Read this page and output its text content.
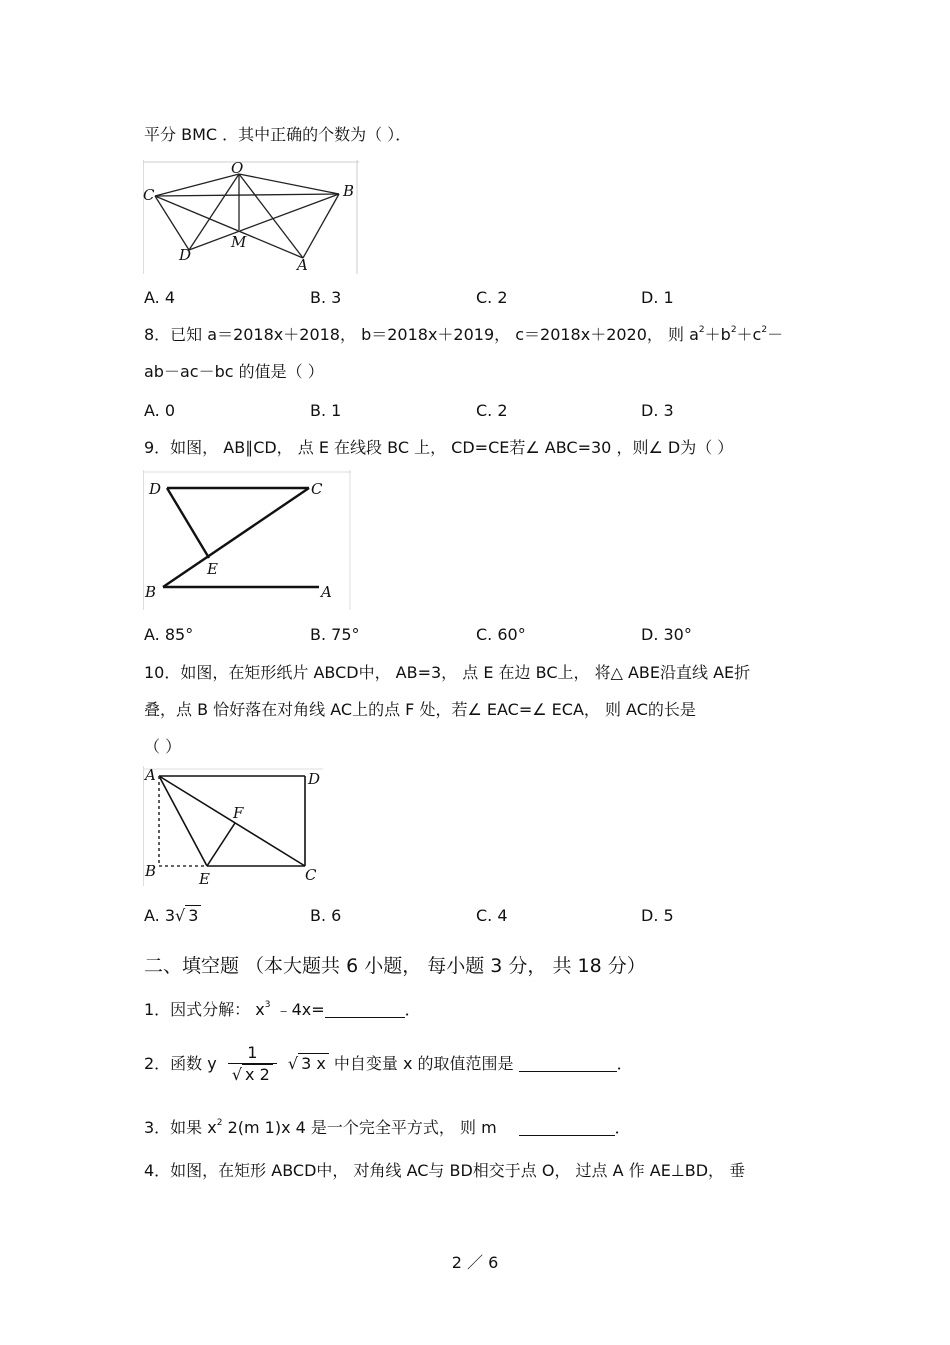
平分 BMC ．其中正确的个数为（ ）．
O
C	B
D
M
A
A. 4	B. 3	C. 2	D. 1
8．已知 a＝2018x＋2018， b＝2018x＋2019， c＝2018x＋2020， 则 $a^2+b^2+c^2-$
ab－ac－bc 的值是（ ）
A. 0	B. 1	C. 2	D. 3
9．如图， AB∥CD， 点 E 在线段 BC 上， CD=CE若∠ ABC=30 ，则∠ D为（ ）
D	C
E
B	A
A. 85°	B. 75°	C. 60°	D. 30°
10．如图，在矩形纸片 ABCD中， AB=3， 点 E 在边 BC上， 将△ ABE沿直线 AE折
叠，点 B 恰好落在对角线 AC上的点 F 处，若∠ EAC=∠ ECA， 则 AC的长是
（ ）
A	D
F
B	E	C
A. 3√ 3	B. 6	C. 4	D. 5
二、填空题 （本大题共 6 小题， 每小题 3 分， 共 18 分）
1．因式分解： $x^3$ ﹣4x=	．
2．函数 y $\frac{1}{√ x 2}$ √ 3 x 中自变量 x 的取值范围是	．
3．如果 $x^2$ 2(m 1)x 4 是一个完全平方式， 则 m	．
4．如图，在矩形 ABCD中， 对角线 AC与 BD相交于点 O， 过点 A 作 AE⊥BD， 垂
2 ／ 6
